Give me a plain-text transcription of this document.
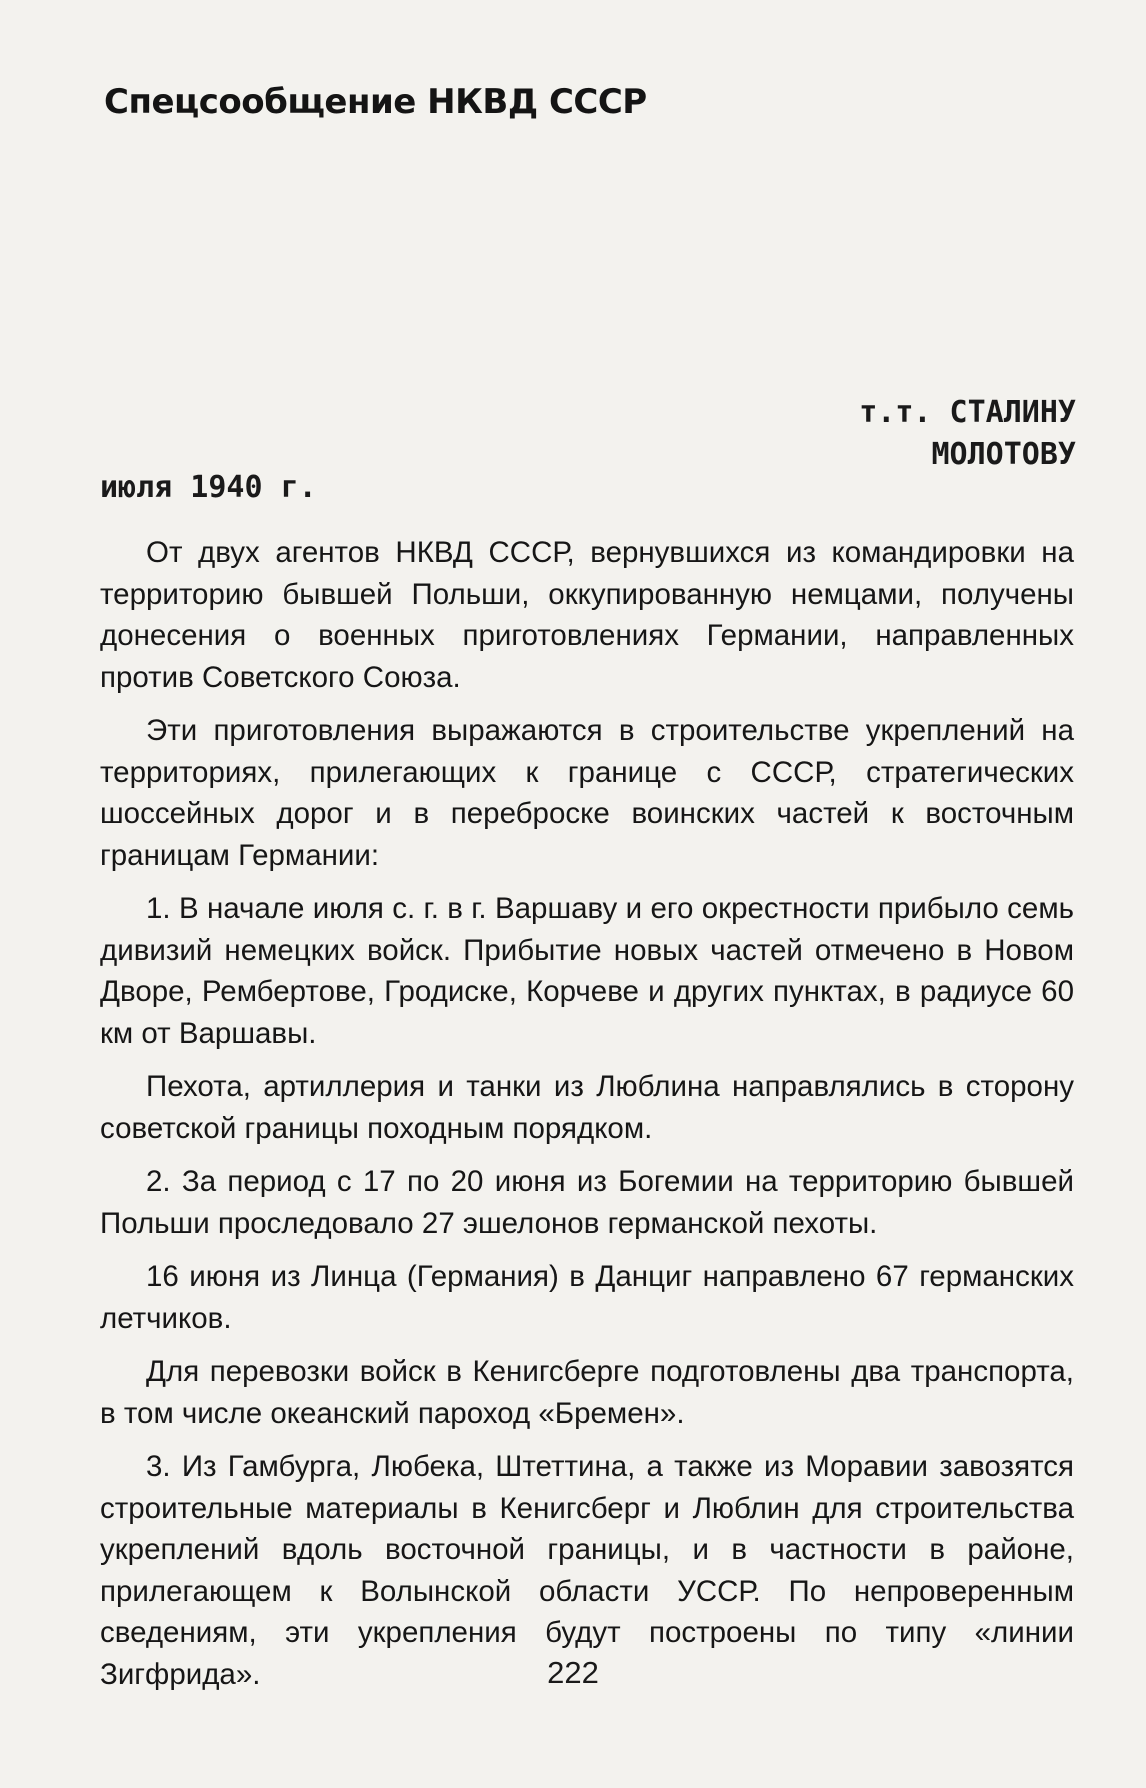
Спецсообщение НКВД СССР
т.т. СТАЛИНУ
МОЛОТОВУ
июля 1940 г.

От двух агентов НКВД СССР, вернувшихся из командировки на территорию бывшей Польши, оккупированную немцами, получены донесения о военных приготовлениях Германии, направленных против Советского Союза.

Эти приготовления выражаются в строительстве укреплений на территориях, прилегающих к границе с СССР, стратегических шоссейных дорог и в переброске воинских частей к восточным границам Германии:

1. В начале июля с. г. в г. Варшаву и его окрестности прибыло семь дивизий немецких войск. Прибытие новых частей отмечено в Новом Дворе, Рембертове, Гродиске, Корчеве и других пунктах, в радиусе 60 км от Варшавы.

Пехота, артиллерия и танки из Люблина направлялись в сторону советской границы походным порядком.

2. За период с 17 по 20 июня из Богемии на территорию бывшей Польши проследовало 27 эшелонов германской пехоты.

16 июня из Линца (Германия) в Данциг направлено 67 германских летчиков.

Для перевозки войск в Кенигсберге подготовлены два транспорта, в том числе океанский пароход «Бремен».

3. Из Гамбурга, Любека, Штеттина, а также из Моравии завозятся строительные материалы в Кенигсберг и Люблин для строительства укреплений вдоль восточной границы, и в частности в районе, прилегающем к Волынской области УССР. По непроверенным сведениям, эти укрепления будут построены по типу «линии Зигфрида».	222
